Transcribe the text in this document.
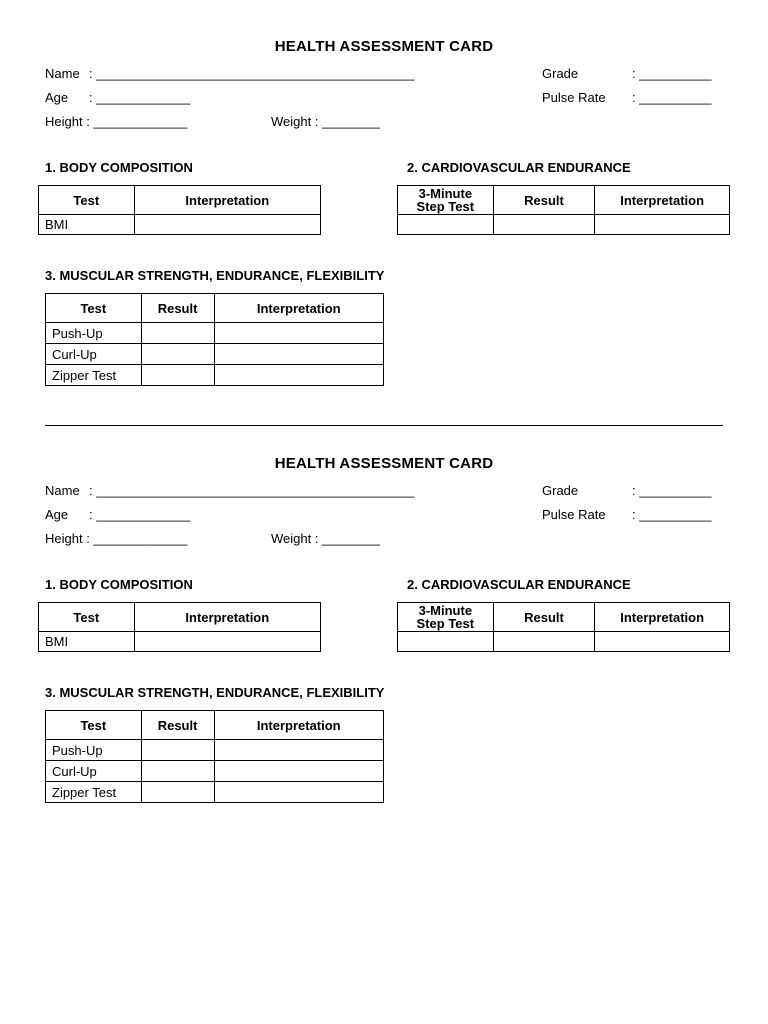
HEALTH ASSESSMENT CARD
Name : ____________________________________________	Grade	: __________
Age : _____________	Pulse Rate : __________
Height : _____________	Weight : ________
1. BODY COMPOSITION	2. CARDIOVASCULAR ENDURANCE
Test	Interpretation
BMI	
3-Minute
Step Test	Result	Interpretation

3. MUSCULAR STRENGTH, ENDURANCE, FLEXIBILITY
Test	Result	Interpretation
Push-Up		
Curl-Up		
Zipper Test		
HEALTH ASSESSMENT CARD
Name : ____________________________________________	Grade	: __________
Age : _____________	Pulse Rate : __________
Height : _____________	Weight : ________
1. BODY COMPOSITION	2. CARDIOVASCULAR ENDURANCE
Test	Interpretation
BMI	
3-Minute
Step Test	Result	Interpretation

3. MUSCULAR STRENGTH, ENDURANCE, FLEXIBILITY
Test	Result	Interpretation
Push-Up		
Curl-Up		
Zipper Test		
